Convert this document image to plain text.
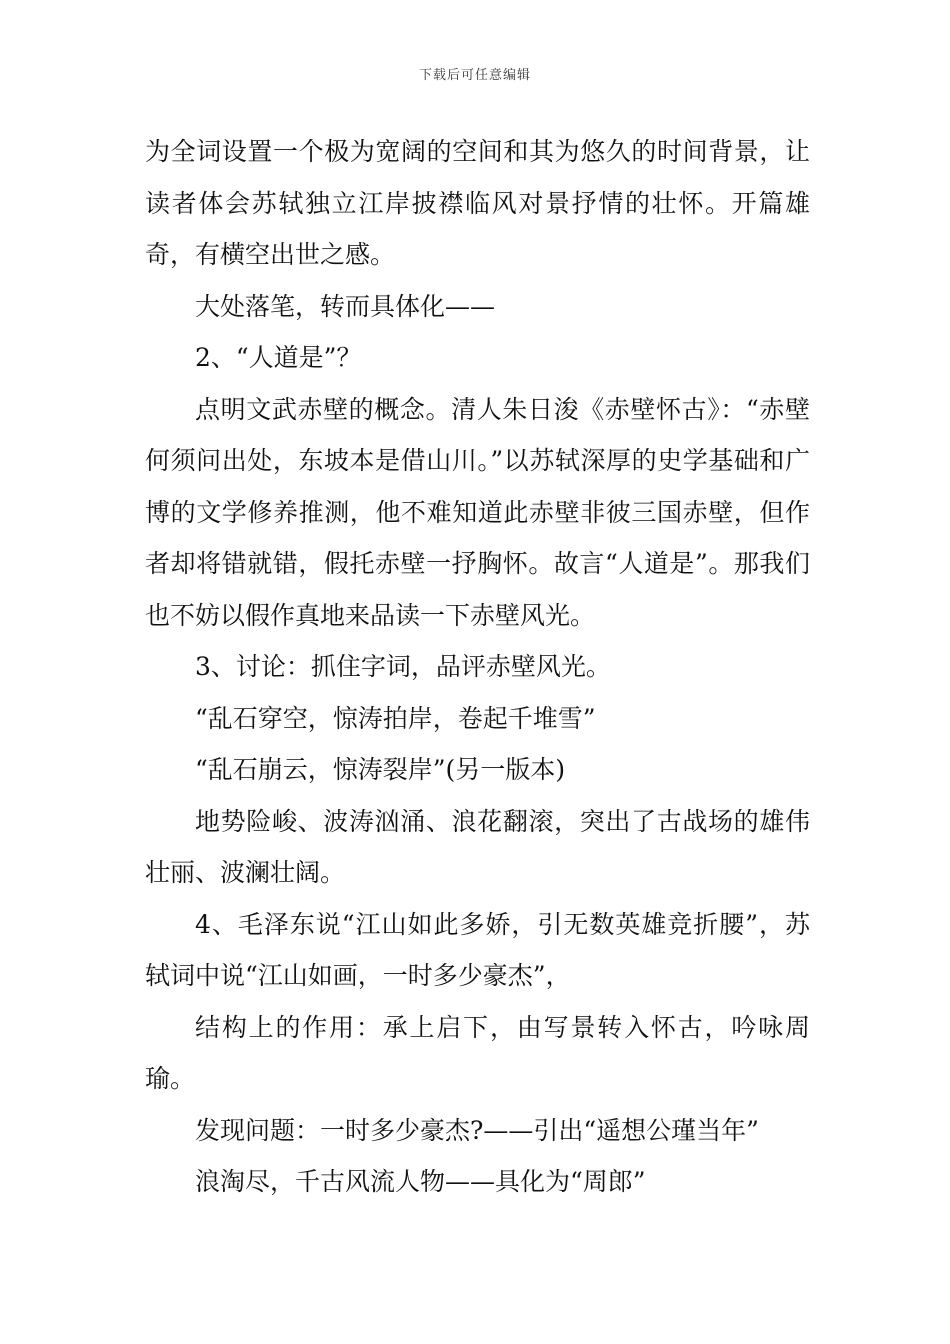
下载后可任意编辑

为全词设置一个极为宽阔的空间和其为悠久的时间背景，让读者体会苏轼独立江岸披襟临风对景抒情的壮怀。开篇雄奇，有横空出世之感。

大处落笔，转而具体化——

2、“人道是”？

点明文武赤壁的概念。清人朱日浚《赤壁怀古》：“赤壁何须问出处，东坡本是借山川。”以苏轼深厚的史学基础和广博的文学修养推测，他不难知道此赤壁非彼三国赤壁，但作者却将错就错，假托赤壁一抒胸怀。故言“人道是”。那我们也不妨以假作真地来品读一下赤壁风光。

3、讨论：抓住字词，品评赤壁风光。

“乱石穿空，惊涛拍岸，卷起千堆雪”

“乱石崩云，惊涛裂岸”(另一版本)

地势险峻、波涛汹涌、浪花翻滚，突出了古战场的雄伟壮丽、波澜壮阔。

4、毛泽东说“江山如此多娇，引无数英雄竞折腰”，苏轼词中说“江山如画，一时多少豪杰”，

结构上的作用：承上启下，由写景转入怀古，吟咏周瑜。

发现问题：一时多少豪杰?——引出“遥想公瑾当年”

浪淘尽，千古风流人物——具化为“周郎”
